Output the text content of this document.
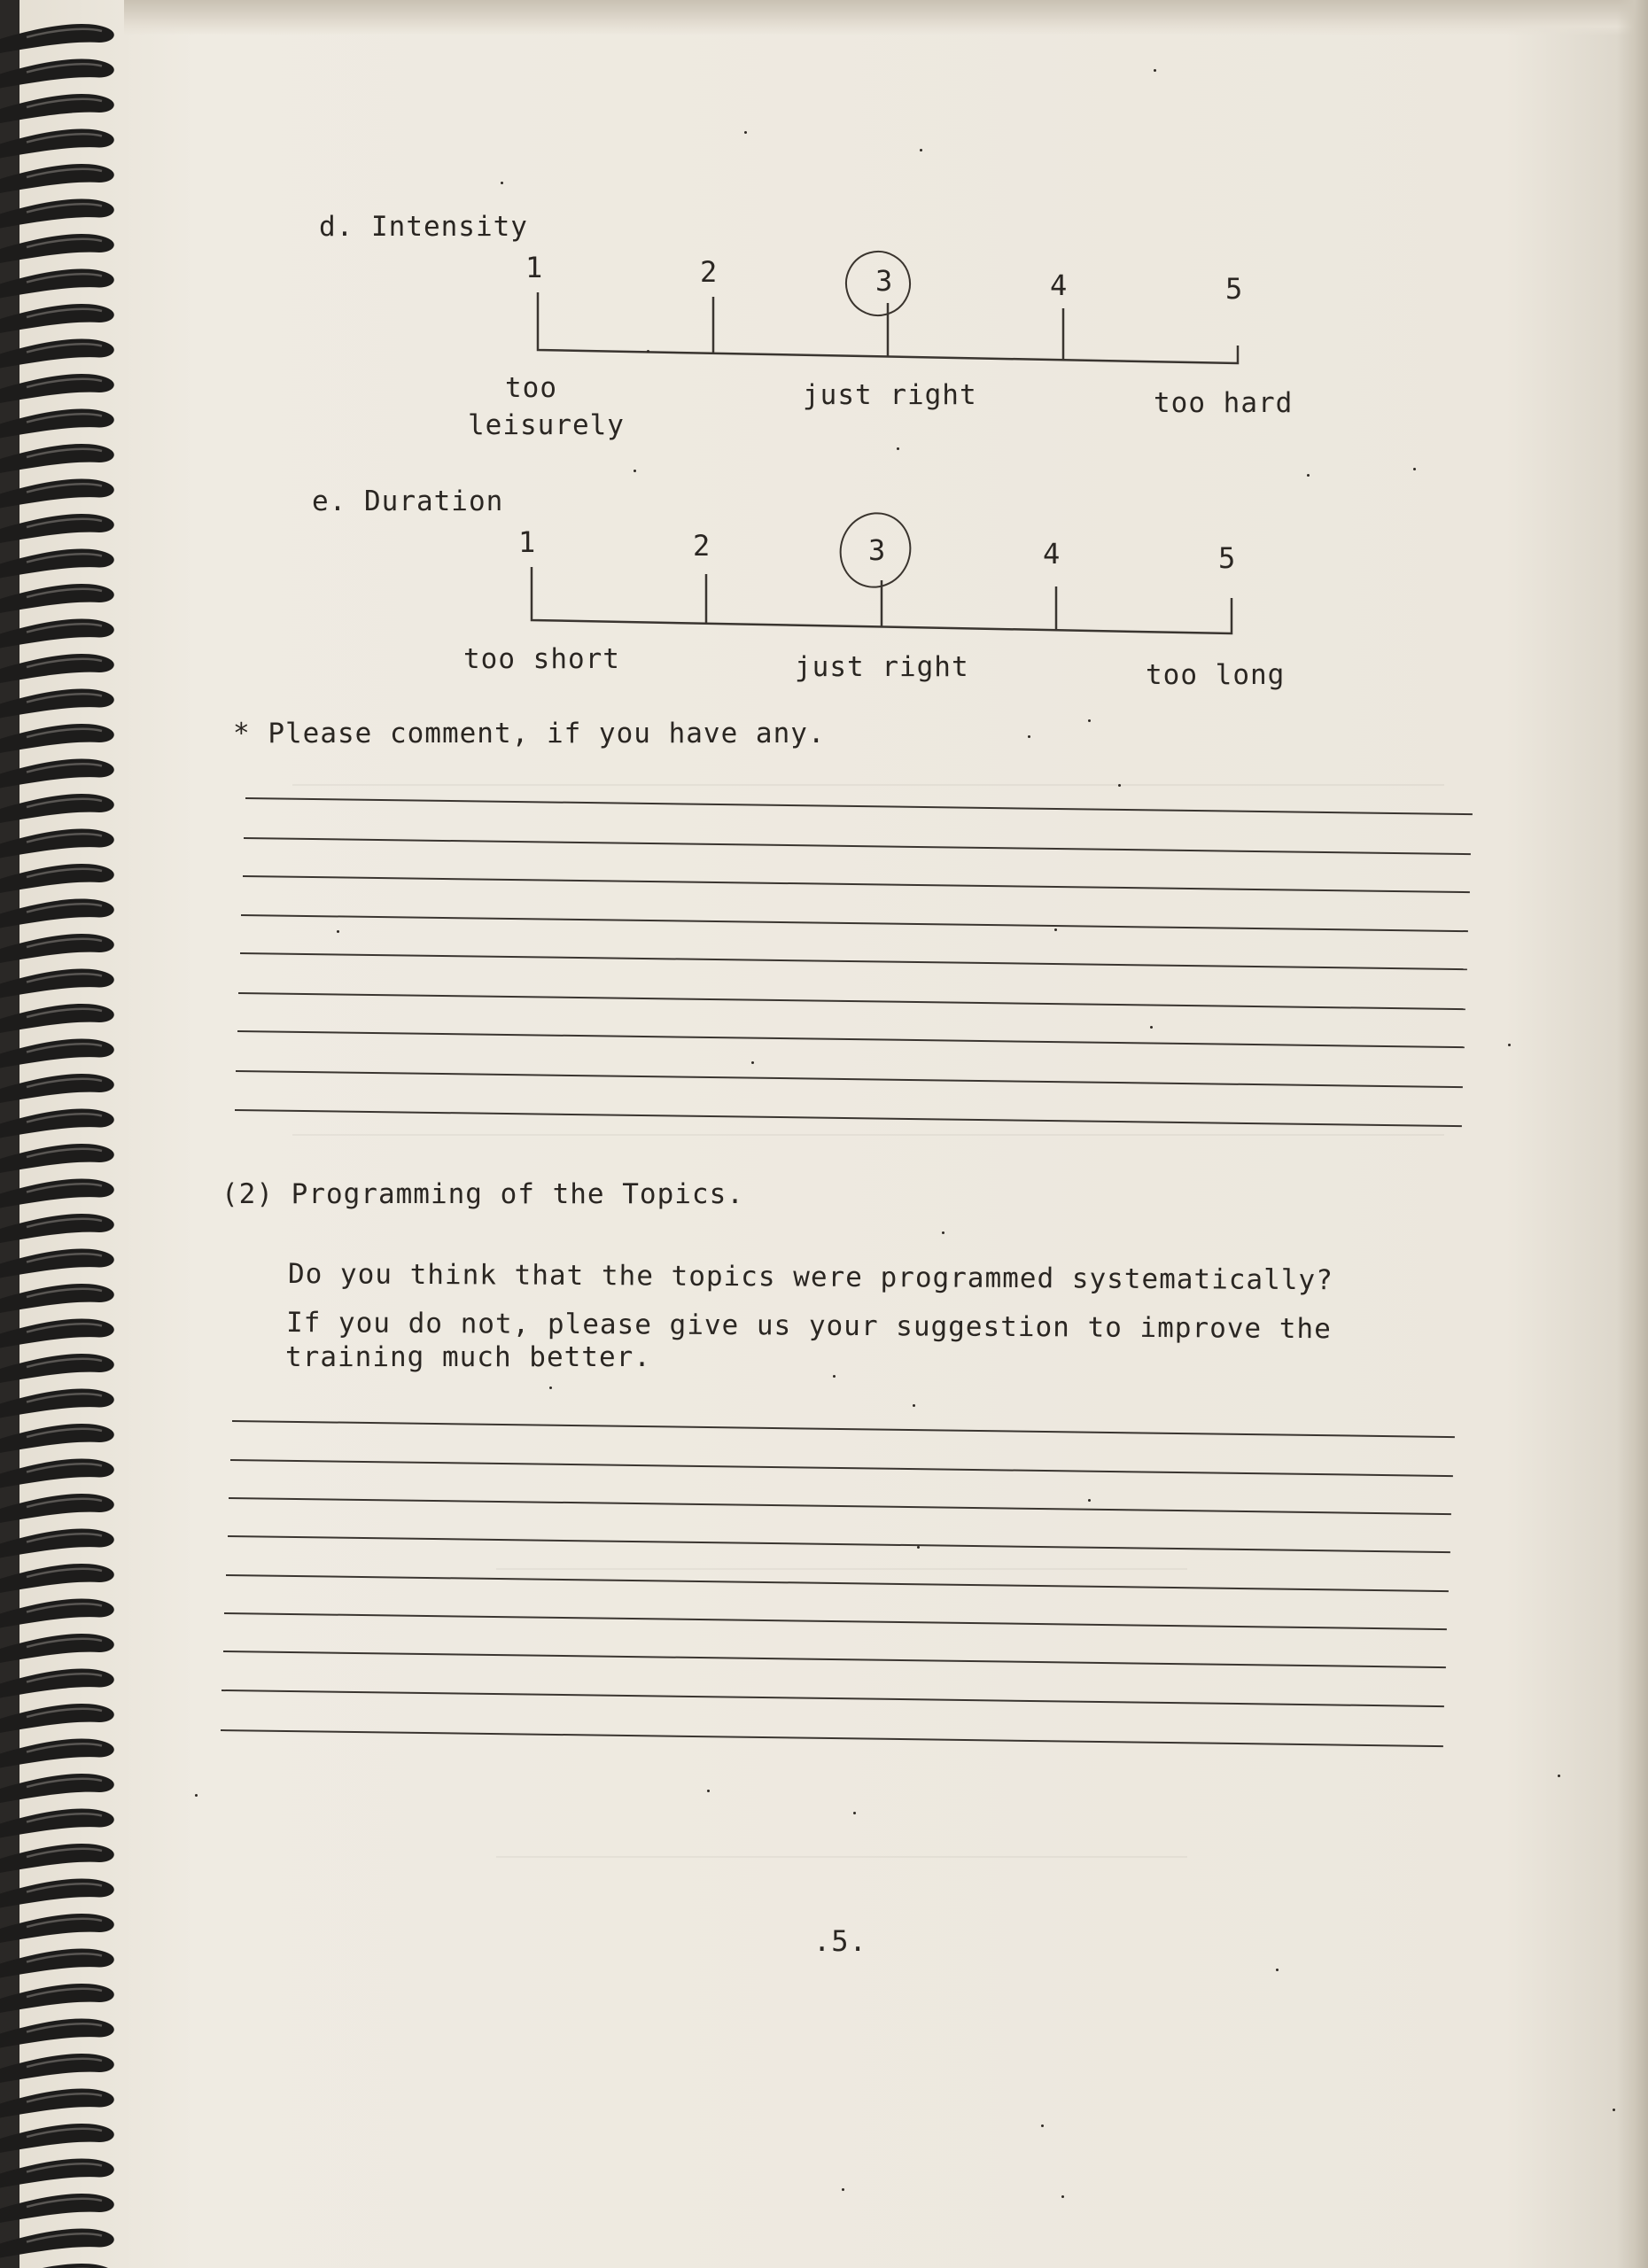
d. Intensity
1	2	3	4	5
too
leisurely
just right	too hard
e. Duration
1	2	3	4	5
too short	just right	too long
* Please comment, if you have any.
(2) Programming of the Topics.
Do you think that the topics were programmed systematically?
If you do not, please give us your suggestion to improve the
training much better.
.5.
